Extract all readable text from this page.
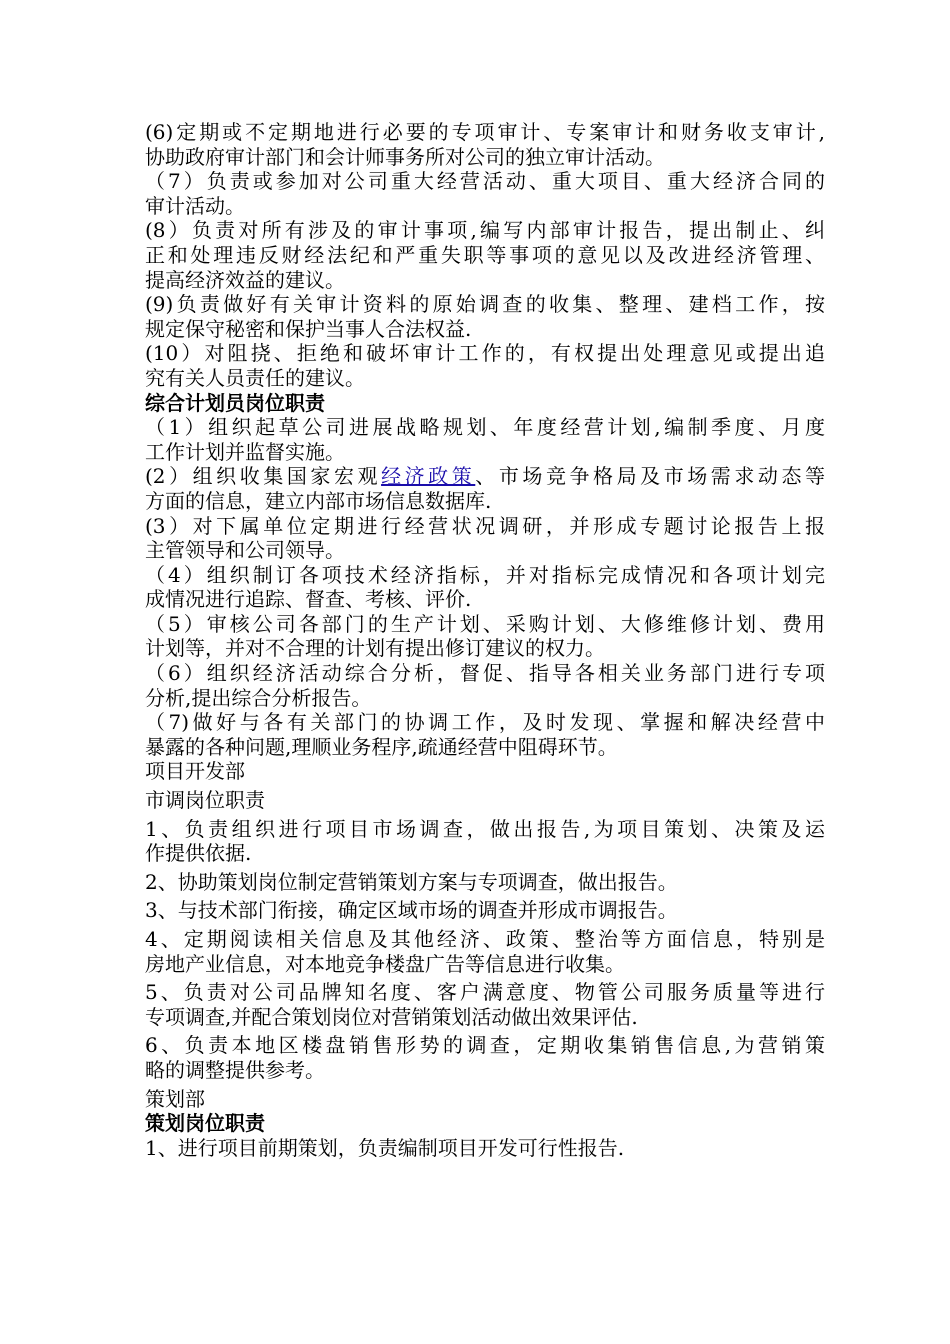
(6)定期或不定期地进行必要的专项审计、专案审计和财务收支审计,
协助政府审计部门和会计师事务所对公司的独立审计活动。
（7）负责或参加对公司重大经营活动、重大项目、重大经济合同的
审计活动。
(8）负责对所有涉及的审计事项,编写内部审计报告，提出制止、纠
正和处理违反财经法纪和严重失职等事项的意见以及改进经济管理、
提高经济效益的建议。
(9)负责做好有关审计资料的原始调查的收集、整理、建档工作，按
规定保守秘密和保护当事人合法权益.
(10）对阻挠、拒绝和破坏审计工作的，有权提出处理意见或提出追
究有关人员责任的建议。
综合计划员岗位职责
（1）组织起草公司进展战略规划、年度经营计划,编制季度、月度
工作计划并监督实施。
(2）组织收集国家宏观经济政策、市场竞争格局及市场需求动态等
方面的信息，建立内部市场信息数据库.
(3）对下属单位定期进行经营状况调研，并形成专题讨论报告上报
主管领导和公司领导。
（4）组织制订各项技术经济指标，并对指标完成情况和各项计划完
成情况进行追踪、督查、考核、评价.
（5）审核公司各部门的生产计划、采购计划、大修维修计划、费用
计划等，并对不合理的计划有提出修订建议的权力。
（6）组织经济活动综合分析，督促、指导各相关业务部门进行专项
分析,提出综合分析报告。
（7)做好与各有关部门的协调工作，及时发现、掌握和解决经营中
暴露的各种问题,理顺业务程序,疏通经营中阻碍环节。
项目开发部
市调岗位职责
1、负责组织进行项目市场调查，做出报告,为项目策划、决策及运
作提供依据.
2、协助策划岗位制定营销策划方案与专项调查，做出报告。
3、与技术部门衔接，确定区域市场的调查并形成市调报告。
4、定期阅读相关信息及其他经济、政策、整治等方面信息，特别是
房地产业信息，对本地竞争楼盘广告等信息进行收集。
5、负责对公司品牌知名度、客户满意度、物管公司服务质量等进行
专项调查,并配合策划岗位对营销策划活动做出效果评估.
6、负责本地区楼盘销售形势的调查，定期收集销售信息,为营销策
略的调整提供参考。
策划部
策划岗位职责
1、进行项目前期策划，负责编制项目开发可行性报告.
